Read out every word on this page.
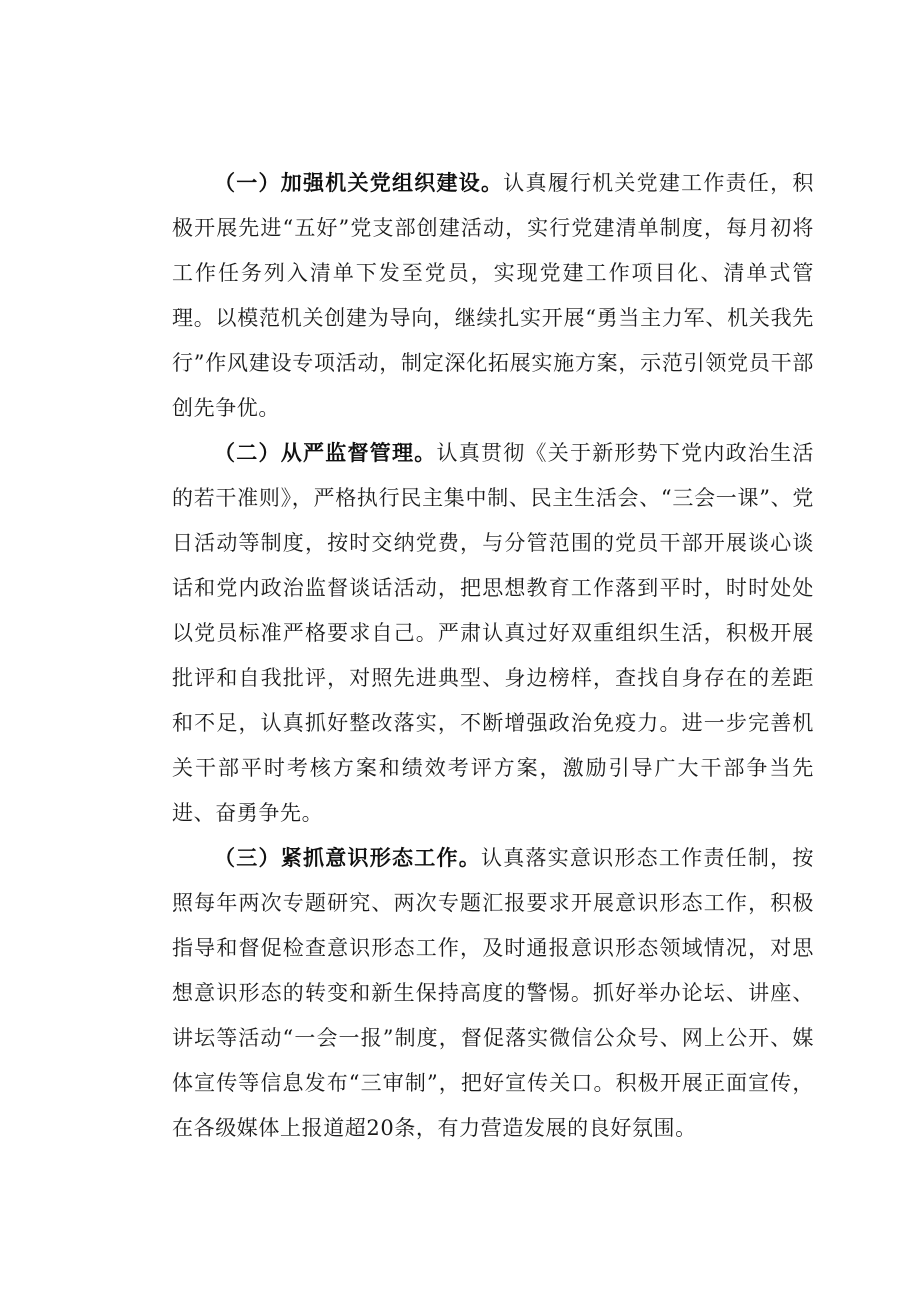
（一）加强机关党组织建设。认真履行机关党建工作责任，积极开展先进“五好”党支部创建活动，实行党建清单制度，每月初将工作任务列入清单下发至党员，实现党建工作项目化、清单式管理。以模范机关创建为导向，继续扎实开展“勇当主力军、机关我先行”作风建设专项活动，制定深化拓展实施方案，示范引领党员干部创先争优。

（二）从严监督管理。认真贯彻《关于新形势下党内政治生活的若干准则》，严格执行民主集中制、民主生活会、“三会一课”、党日活动等制度，按时交纳党费，与分管范围的党员干部开展谈心谈话和党内政治监督谈话活动，把思想教育工作落到平时，时时处处以党员标准严格要求自己。严肃认真过好双重组织生活，积极开展批评和自我批评，对照先进典型、身边榜样，查找自身存在的差距和不足，认真抓好整改落实，不断增强政治免疫力。进一步完善机关干部平时考核方案和绩效考评方案，激励引导广大干部争当先进、奋勇争先。

（三）紧抓意识形态工作。认真落实意识形态工作责任制，按照每年两次专题研究、两次专题汇报要求开展意识形态工作，积极指导和督促检查意识形态工作，及时通报意识形态领域情况，对思想意识形态的转变和新生保持高度的警惕。抓好举办论坛、讲座、讲坛等活动“一会一报”制度，督促落实微信公众号、网上公开、媒体宣传等信息发布“三审制”，把好宣传关口。积极开展正面宣传，在各级媒体上报道超20条，有力营造发展的良好氛围。
